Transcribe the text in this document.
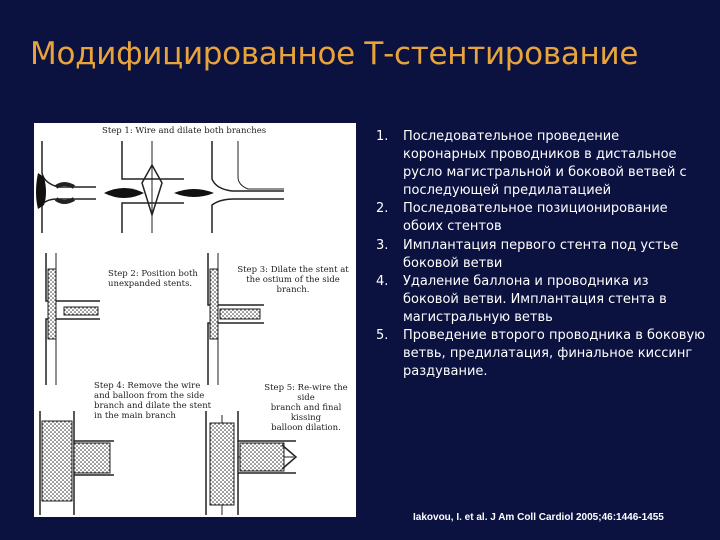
Модифицированное Т-стентирование
Step 1: Wire and dilate both branches
Step 2: Position both
unexpanded stents.
Step 3: Dilate the stent at
the ostium of the side
branch.
Step 4: Remove the wire
and balloon from the side
branch and dilate the stent
in the main branch
Step 5: Re-wire the side
branch and final kissing
balloon dilation.
1. Последовательное проведение коронарных проводников в дистальное русло магистральной и боковой ветвей с последующей предилатацией
2. Последовательное позиционирование обоих стентов
3. Имплантация первого стента под устье боковой ветви
4. Удаление баллона и проводника из боковой ветви. Имплантация стента в магистральную ветвь
5. Проведение второго проводника в боковую ветвь, предилатация, финальное киссинг раздувание.
Iakovou, I. et al. J Am Coll Cardiol 2005;46:1446-1455
